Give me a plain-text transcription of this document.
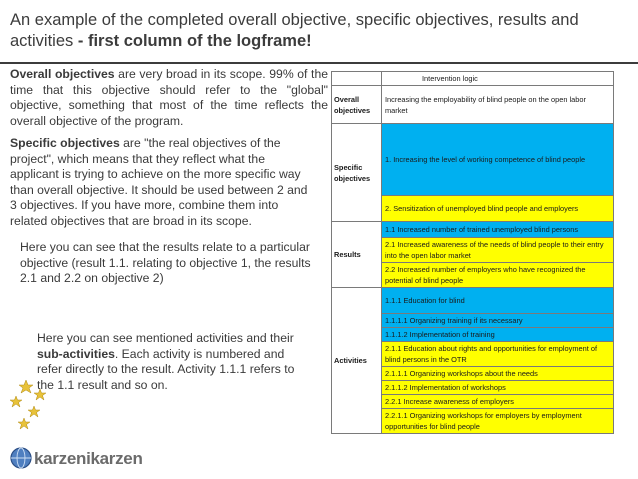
An example of the completed overall objective, specific objectives, results and activities - first column of the logframe!
Overall objectives are very broad in its scope. 99% of the time that this objective should refer to the "global" objective, something that most of the time reflects the overall objective of the program.
Specific objectives are "the real objectives of the project", which means that they reflect what the applicant is trying to achieve on the more specific way than overall objective. It should be used between 2 and 3 objectives. If you have more, combine them into related objectives that are broad in its scope.
Here you can see that the results relate to a particular objective (result 1.1. relating to objective 1, the results 2.1 and 2.2 on objective 2)
Here you can see mentioned activities and their sub-activities. Each activity is numbered and refer directly to the result. Activity 1.1.1 refers to the 1.1 result and so on.
karzenikarzen
	Intervention logic
Overall objectives	Increasing the employability of blind people on the open labor market
Specific objectives	1. Increasing the level of working competence of blind people
	2. Sensitization of unemployed blind people and employers
Results	1.1 Increased number of trained unemployed blind persons
	2.1 Increased awareness of the needs of blind people to their entry into the open labor market
	2.2 Increased number of employers who have recognized the potential of blind people
Activities	1.1.1 Education for blind
	1.1.1.1 Organizing training if its necessary
	1.1.1.2 Implementation of training
	2.1.1 Education about rights and opportunities for employment of blind persons in the OTR
	2.1.1.1 Organizing workshops about the needs
	2.1.1.2 Implementation of workshops
	2.2.1 Increase awareness of employers
	2.2.1.1 Organizing workshops for employers by employment opportunities for blind people
